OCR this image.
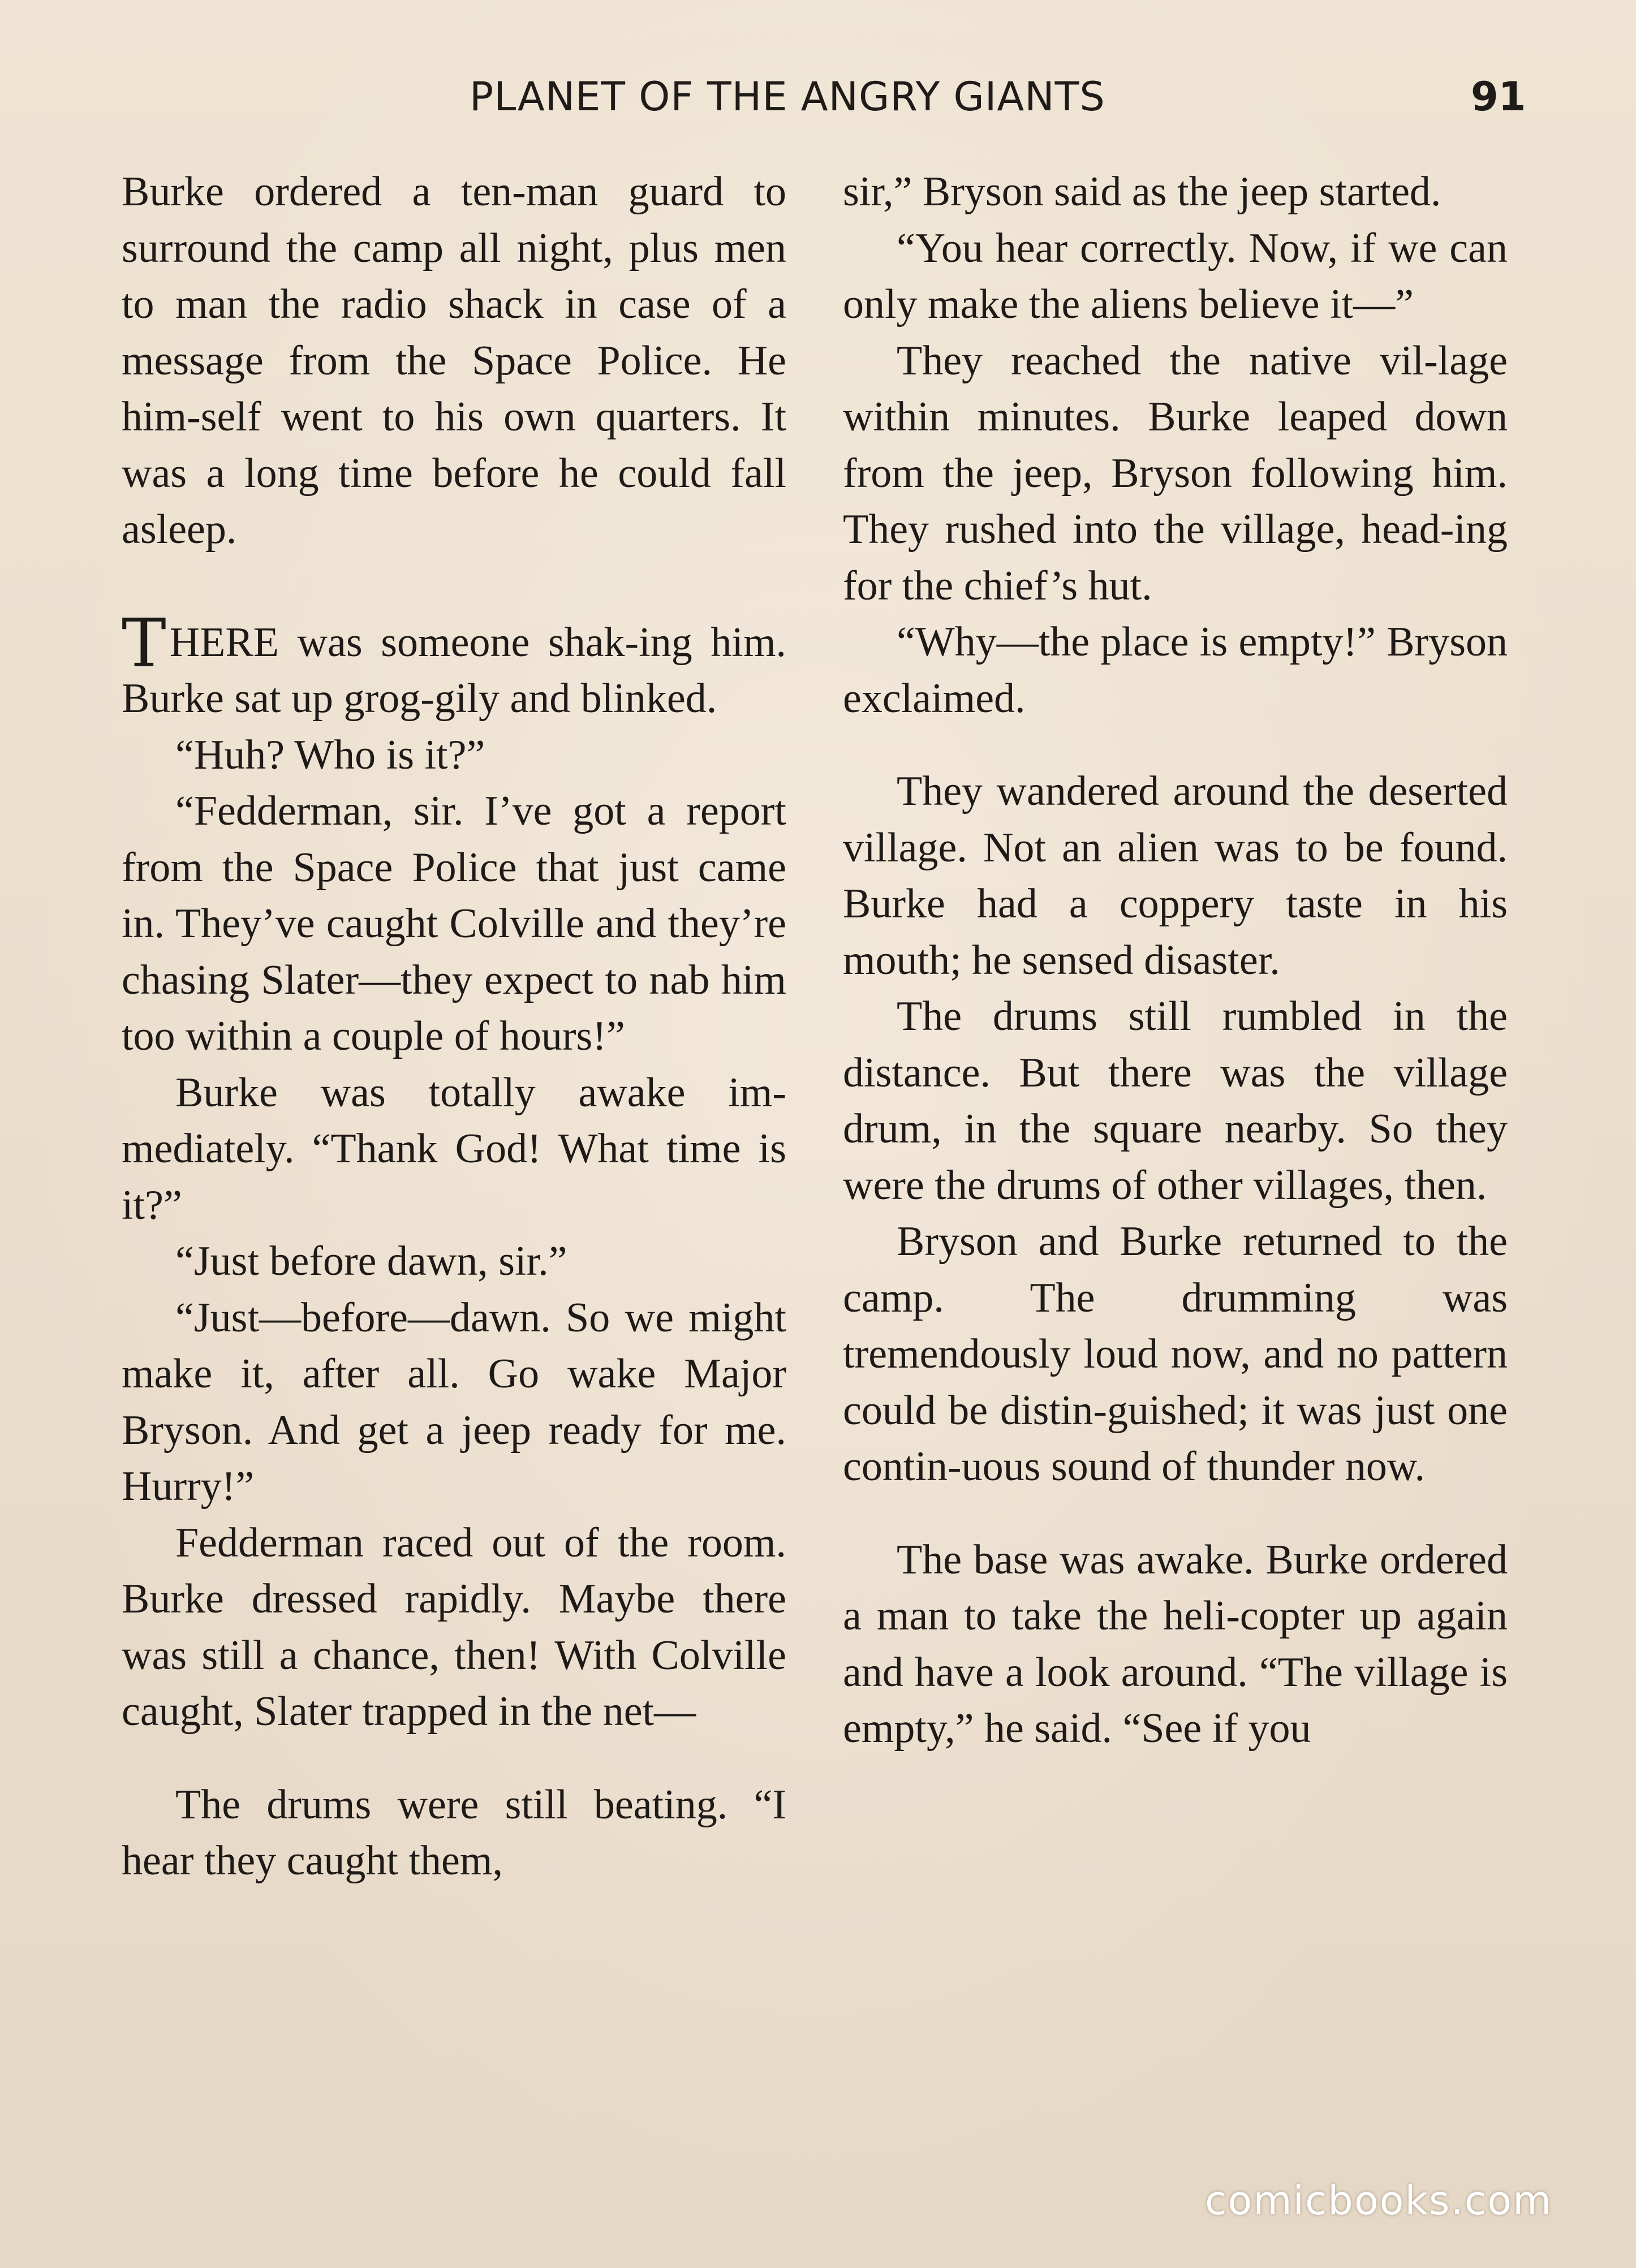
PLANET OF THE ANGRY GIANTS	91

Burke ordered a ten-man guard to surround the camp all night, plus men to man the radio shack in case of a message from the Space Police. He him-self went to his own quarters. It was a long time before he could fall asleep.

THERE was someone shak-ing him. Burke sat up grog-gily and blinked.

“Huh? Who is it?”

“Fedderman, sir. I’ve got a report from the Space Police that just came in. They’ve caught Colville and they’re chasing Slater—they expect to nab him too within a couple of hours!”

Burke was totally awake im-mediately. “Thank God! What time is it?”

“Just before dawn, sir.”

“Just—before—dawn. So we might make it, after all. Go wake Major Bryson. And get a jeep ready for me. Hurry!”

Fedderman raced out of the room. Burke dressed rapidly. Maybe there was still a chance, then! With Colville caught, Slater trapped in the net—

The drums were still beating. “I hear they caught them,

sir,” Bryson said as the jeep started.

“You hear correctly. Now, if we can only make the aliens believe it—”

They reached the native vil-lage within minutes. Burke leaped down from the jeep, Bryson following him. They rushed into the village, head-ing for the chief’s hut.

“Why—the place is empty!” Bryson exclaimed.

They wandered around the deserted village. Not an alien was to be found. Burke had a coppery taste in his mouth; he sensed disaster.

The drums still rumbled in the distance. But there was the village drum, in the square nearby. So they were the drums of other villages, then.

Bryson and Burke returned to the camp. The drumming was tremendously loud now, and no pattern could be distin-guished; it was just one contin-uous sound of thunder now.

The base was awake. Burke ordered a man to take the heli-copter up again and have a look around. “The village is empty,” he said. “See if you

comicbooks.com
